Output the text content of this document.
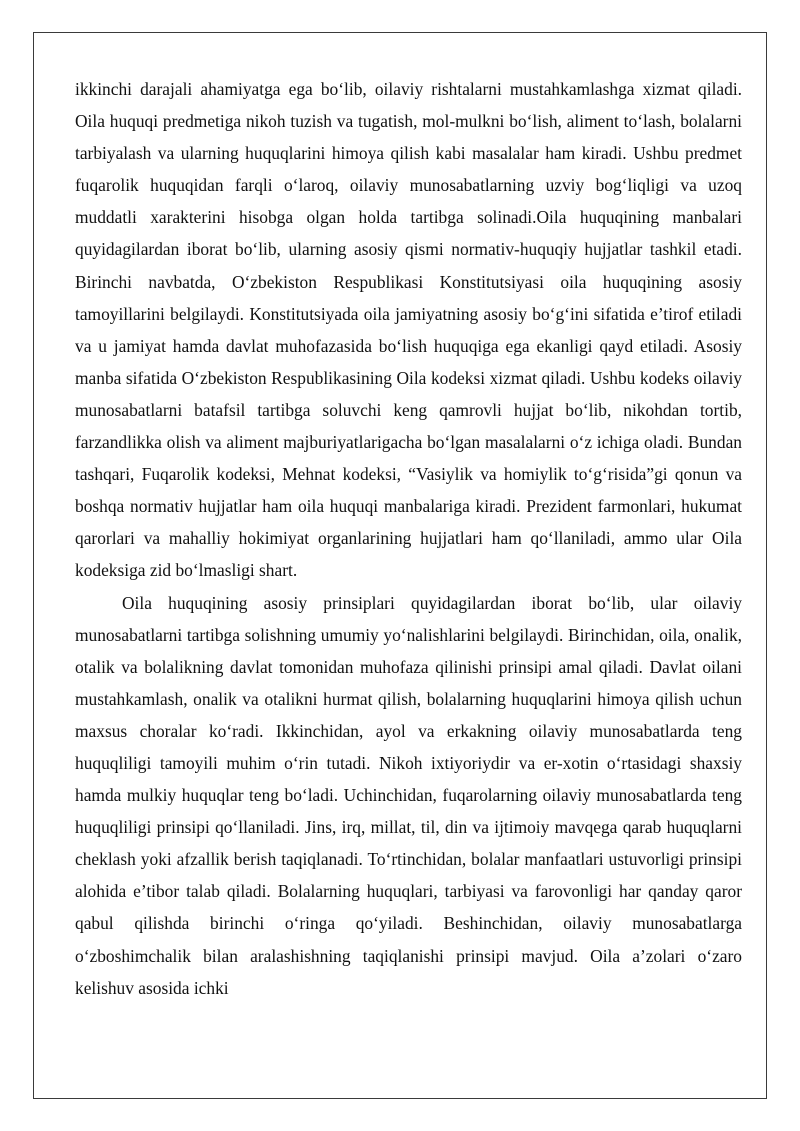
ikkinchi darajali ahamiyatga ega bo‘lib, oilaviy rishtalarni mustahkamlashga xizmat qiladi. Oila huquqi predmetiga nikoh tuzish va tugatish, mol-mulkni bo‘lish, aliment to‘lash, bolalarni tarbiyalash va ularning huquqlarini himoya qilish kabi masalalar ham kiradi. Ushbu predmet fuqarolik huquqidan farqli o‘laroq, oilaviy munosabatlarning uzviy bog‘liqligi va uzoq muddatli xarakterini hisobga olgan holda tartibga solinadi.Oila huquqining manbalari quyidagilardan iborat bo‘lib, ularning asosiy qismi normativ-huquqiy hujjatlar tashkil etadi. Birinchi navbatda, O‘zbekiston Respublikasi Konstitutsiyasi oila huquqining asosiy tamoyillarini belgilaydi. Konstitutsiyada oila jamiyatning asosiy bo‘g‘ini sifatida e’tirof etiladi va u jamiyat hamda davlat muhofazasida bo‘lish huquqiga ega ekanligi qayd etiladi. Asosiy manba sifatida O‘zbekiston Respublikasining Oila kodeksi xizmat qiladi. Ushbu kodeks oilaviy munosabatlarni batafsil tartibga soluvchi keng qamrovli hujjat bo‘lib, nikohdan tortib, farzandlikka olish va aliment majburiyatlarigacha bo‘lgan masalalarni o‘z ichiga oladi. Bundan tashqari, Fuqarolik kodeksi, Mehnat kodeksi, “Vasiylik va homiylik to‘g‘risida”gi qonun va boshqa normativ hujjatlar ham oila huquqi manbalariga kiradi. Prezident farmonlari, hukumat qarorlari va mahalliy hokimiyat organlarining hujjatlari ham qo‘llaniladi, ammo ular Oila kodeksiga zid bo‘lmasligi shart.

Oila huquqining asosiy prinsiplari quyidagilardan iborat bo‘lib, ular oilaviy munosabatlarni tartibga solishning umumiy yo‘nalishlarini belgilaydi. Birinchidan, oila, onalik, otalik va bolalikning davlat tomonidan muhofaza qilinishi prinsipi amal qiladi. Davlat oilani mustahkamlash, onalik va otalikni hurmat qilish, bolalarning huquqlarini himoya qilish uchun maxsus choralar ko‘radi. Ikkinchidan, ayol va erkakning oilaviy munosabatlarda teng huquqliligi tamoyili muhim o‘rin tutadi. Nikoh ixtiyoriydir va er-xotin o‘rtasidagi shaxsiy hamda mulkiy huquqlar teng bo‘ladi. Uchinchidan, fuqarolarning oilaviy munosabatlarda teng huquqliligi prinsipi qo‘llaniladi. Jins, irq, millat, til, din va ijtimoiy mavqega qarab huquqlarni cheklash yoki afzallik berish taqiqlanadi. To‘rtinchidan, bolalar manfaatlari ustuvorligi prinsipi alohida e’tibor talab qiladi. Bolalarning huquqlari, tarbiyasi va farovonligi har qanday qaror qabul qilishda birinchi o‘ringa qo‘yiladi. Beshinchidan, oilaviy munosabatlarga o‘zboshimchalik bilan aralashishning taqiqlanishi prinsipi mavjud. Oila a’zolari o‘zaro kelishuv asosida ichki
